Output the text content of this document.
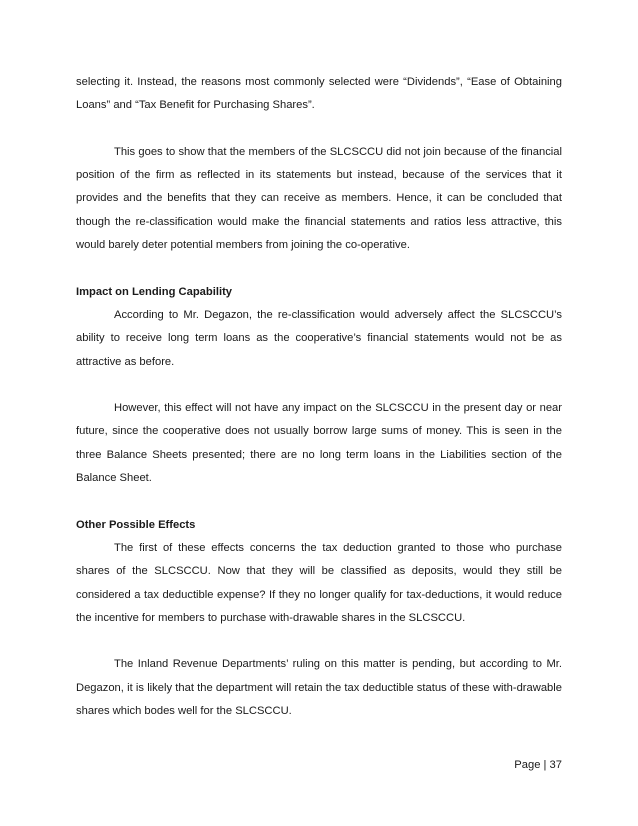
selecting it. Instead, the reasons most commonly selected were “Dividends”, “Ease of Obtaining Loans” and “Tax Benefit for Purchasing Shares”.

This goes to show that the members of the SLCSCCU did not join because of the financial position of the firm as reflected in its statements but instead, because of the services that it provides and the benefits that they can receive as members. Hence, it can be concluded that though the re-classification would make the financial statements and ratios less attractive, this would barely deter potential members from joining the co-operative.

Impact on Lending Capability

According to Mr. Degazon, the re-classification would adversely affect the SLCSCCU’s ability to receive long term loans as the cooperative’s financial statements would not be as attractive as before.

However, this effect will not have any impact on the SLCSCCU in the present day or near future, since the cooperative does not usually borrow large sums of money. This is seen in the three Balance Sheets presented; there are no long term loans in the Liabilities section of the Balance Sheet.

Other Possible Effects

The first of these effects concerns the tax deduction granted to those who purchase shares of the SLCSCCU. Now that they will be classified as deposits, would they still be considered a tax deductible expense? If they no longer qualify for tax-deductions, it would reduce the incentive for members to purchase with-drawable shares in the SLCSCCU.

The Inland Revenue Departments’ ruling on this matter is pending, but according to Mr. Degazon, it is likely that the department will retain the tax deductible status of these with-drawable shares which bodes well for the SLCSCCU.

Page | 37
